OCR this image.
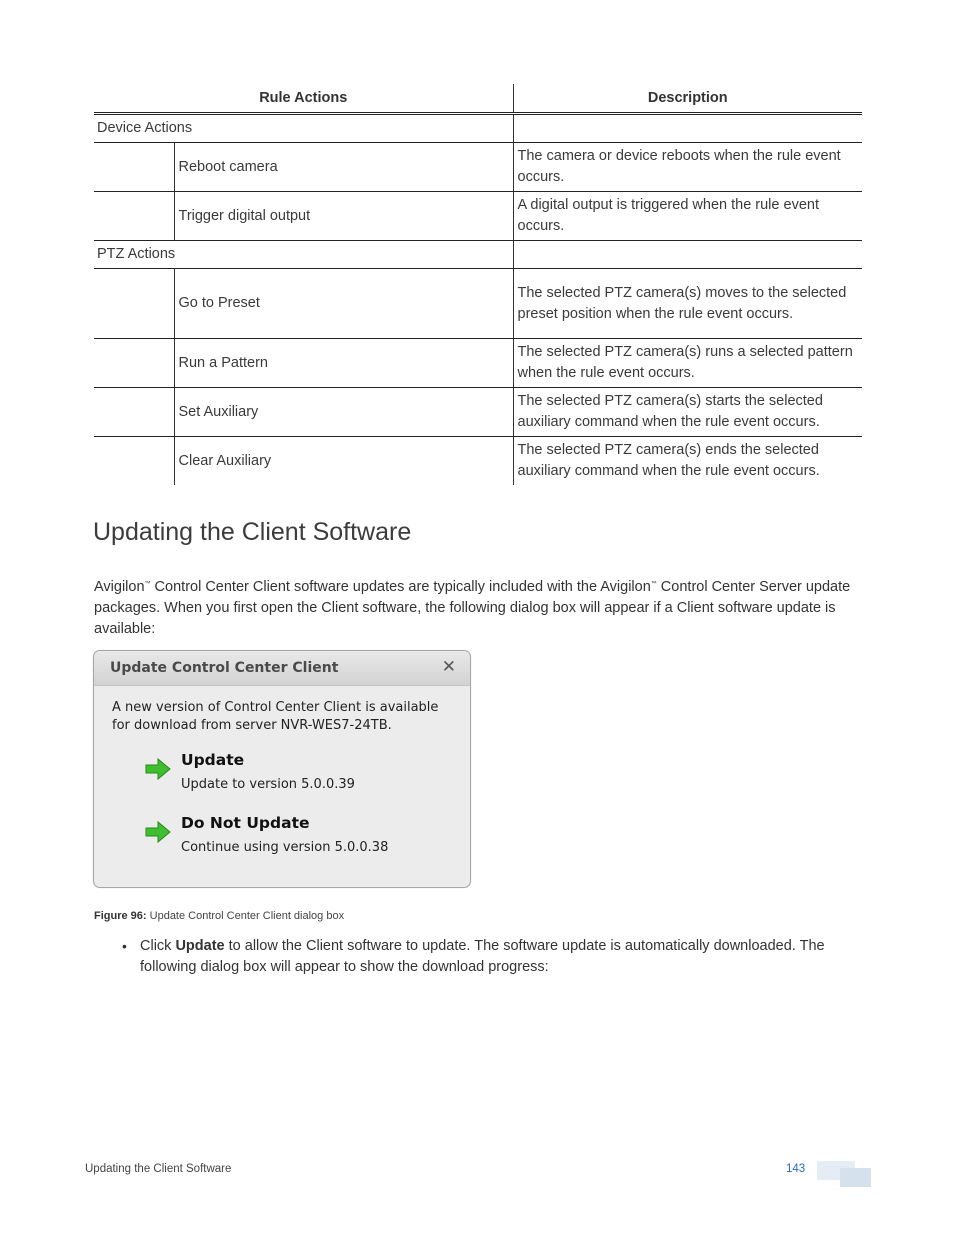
Rule Actions		Description
Device Actions		
	Reboot camera	The camera or device reboots when the rule event occurs.
	Trigger digital output	A digital output is triggered when the rule event occurs.
PTZ Actions		
	Go to Preset	The selected PTZ camera(s) moves to the selected preset position when the rule event occurs.
	Run a Pattern	The selected PTZ camera(s) runs a selected pattern when the rule event occurs.
	Set Auxiliary	The selected PTZ camera(s) starts the selected auxiliary command when the rule event occurs.
	Clear Auxiliary	The selected PTZ camera(s) ends the selected auxiliary command when the rule event occurs.
Updating the Client Software

Avigilon™ Control Center Client software updates are typically included with the Avigilon™ Control Center Server update packages. When you first open the Client software, the following dialog box will appear if a Client software update is available:

Update Control Center Client	✕
A new version of Control Center Client is available for download from server NVR-WES7-24TB.
Update
Update to version 5.0.0.39
Do Not Update
Continue using version 5.0.0.38

Figure 96: Update Control Center Client dialog box

• Click Update to allow the Client software to update. The software update is automatically downloaded. The following dialog box will appear to show the download progress:
Updating the Client Software	143
